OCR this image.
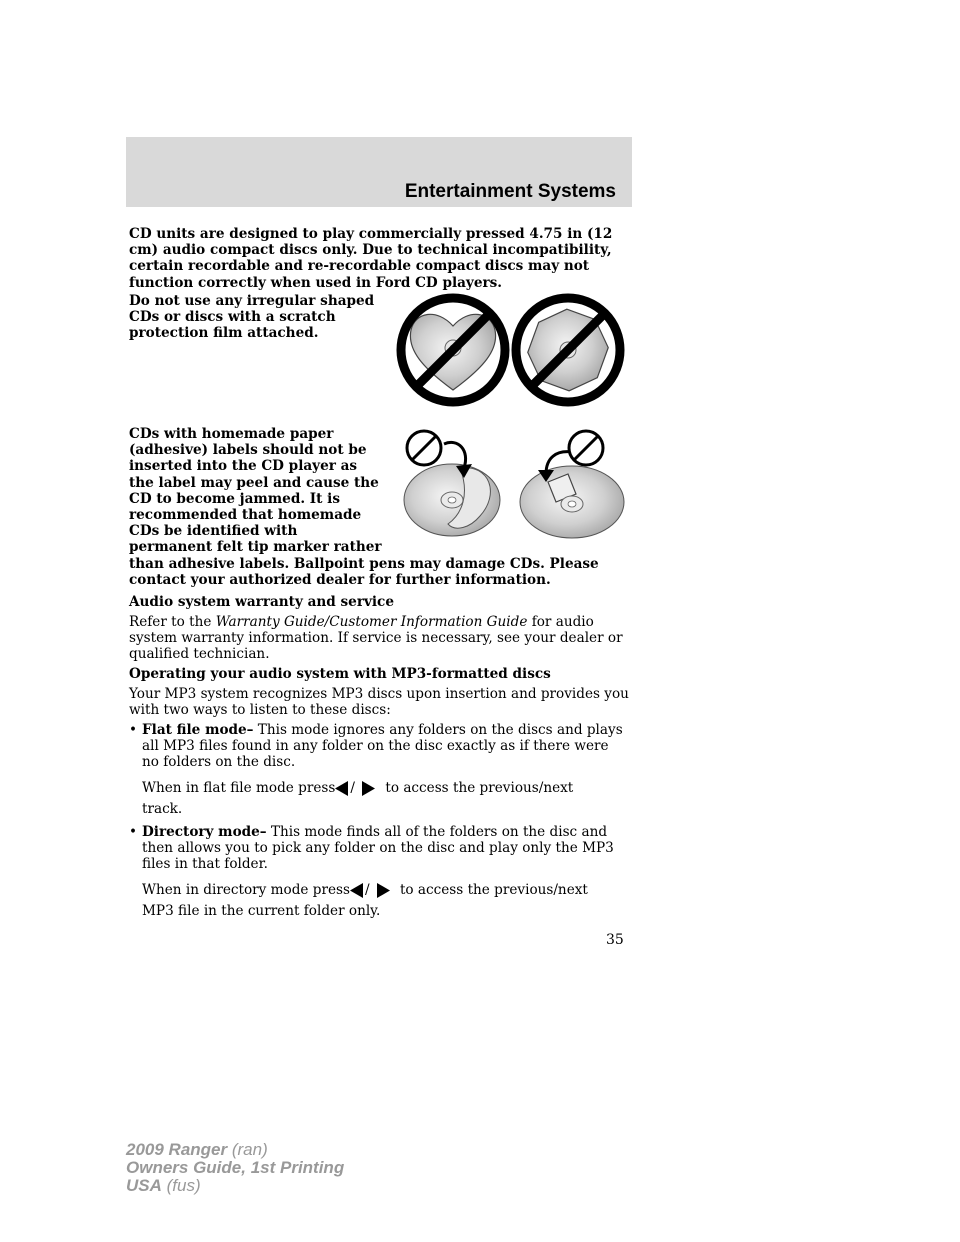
Entertainment Systems
CD units are designed to play commercially pressed 4.75 in (12 cm) audio compact discs only. Due to technical incompatibility, certain recordable and re-recordable compact discs may not function correctly when used in Ford CD players.
Do not use any irregular shaped
CDs or discs with a scratch
protection film attached.
CDs with homemade paper
(adhesive) labels should not be
inserted into the CD player as
the label may peel and cause the
CD to become jammed. It is
recommended that homemade
CDs be identified with
permanent felt tip marker rather
than adhesive labels. Ballpoint pens may damage CDs. Please
contact your authorized dealer for further information.
Audio system warranty and service
Refer to the Warranty Guide/Customer Information Guide for audio system warranty information. If service is necessary, see your dealer or qualified technician.
Operating your audio system with MP3-formatted discs
Your MP3 system recognizes MP3 discs upon insertion and provides you with two ways to listen to these discs:
• Flat file mode– This mode ignores any folders on the discs and plays all MP3 files found in any folder on the disc exactly as if there were no folders on the disc.
When in flat file mode press / to access the previous/next
track.
• Directory mode– This mode finds all of the folders on the disc and then allows you to pick any folder on the disc and play only the MP3 files in that folder.
When in directory mode press / to access the previous/next
MP3 file in the current folder only.
35
2009 Ranger (ran)
Owners Guide, 1st Printing
USA (fus)
